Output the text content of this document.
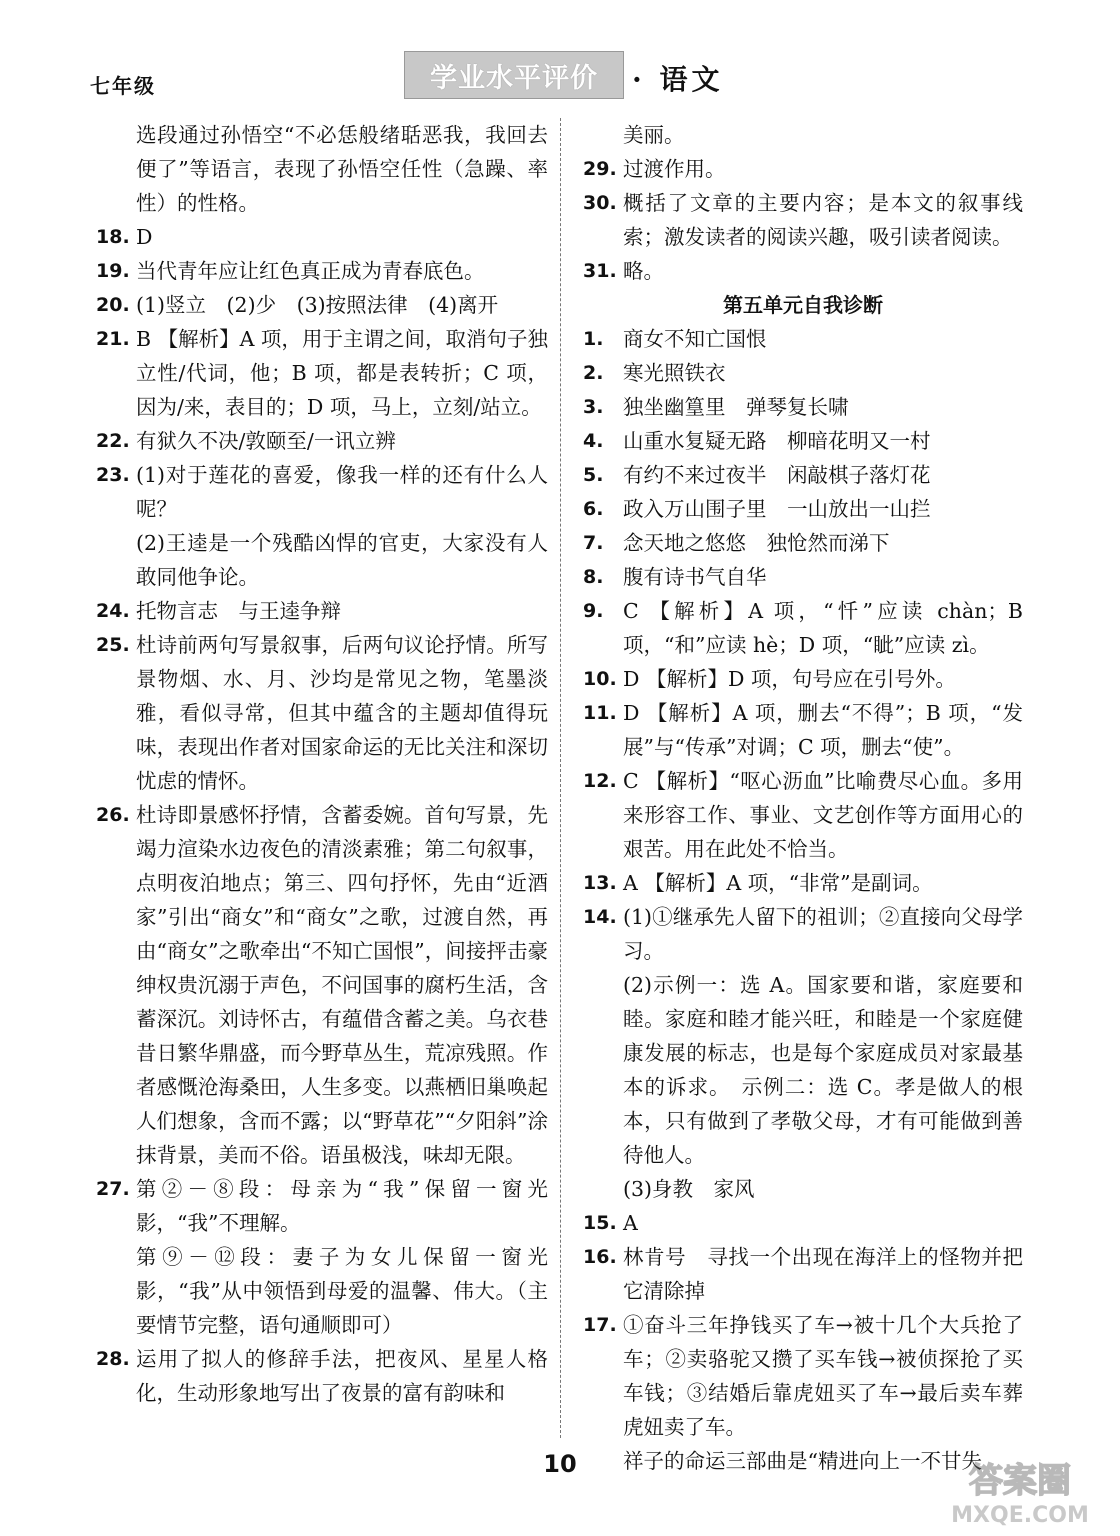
七年级	学业水平评价	· 语文
选段通过孙悟空“不必恁般绪聒恶我，我回去便了”等语言，表现了孙悟空任性（急躁、率性）的性格。
18. D
19. 当代青年应让红色真正成为青春底色。
20. (1)竖立　(2)少　(3)按照法律　(4)离开
21. B 【解析】A 项，用于主谓之间，取消句子独立性/代词，他；B 项，都是表转折；C 项，因为/来，表目的；D 项，马上，立刻/站立。
22. 有狱久不决/敦颐至/一讯立辨
23. (1)对于莲花的喜爱，像我一样的还有什么人呢？
(2)王逵是一个残酷凶悍的官吏，大家没有人敢同他争论。
24. 托物言志　与王逵争辩
25. 杜诗前两句写景叙事，后两句议论抒情。所写景物烟、水、月、沙均是常见之物，笔墨淡雅，看似寻常，但其中蕴含的主题却值得玩味，表现出作者对国家命运的无比关注和深切忧虑的情怀。
26. 杜诗即景感怀抒情，含蓄委婉。首句写景，先竭力渲染水边夜色的清淡素雅；第二句叙事，点明夜泊地点；第三、四句抒怀，先由“近酒家”引出“商女”和“商女”之歌，过渡自然，再由“商女”之歌牵出“不知亡国恨”，间接抨击豪绅权贵沉溺于声色，不问国事的腐朽生活，含蓄深沉。刘诗怀古，有蕴借含蓄之美。乌衣巷昔日繁华鼎盛，而今野草丛生，荒凉残照。作者感慨沧海桑田，人生多变。以燕栖旧巢唤起人们想象，含而不露；以“野草花”“夕阳斜”涂抹背景，美而不俗。语虽极浅，味却无限。
27. 第②－⑧段：母亲为“我”保留一窗光影，“我”不理解。
第⑨－⑫段：妻子为女儿保留一窗光影，“我”从中领悟到母爱的温馨、伟大。（主要情节完整，语句通顺即可）
28. 运用了拟人的修辞手法，把夜风、星星人格化，生动形象地写出了夜景的富有韵味和
美丽。
29. 过渡作用。
30. 概括了文章的主要内容；是本文的叙事线索；激发读者的阅读兴趣，吸引读者阅读。
31. 略。
第五单元自我诊断
1. 商女不知亡国恨
2. 寒光照铁衣
3. 独坐幽篁里　弹琴复长啸
4. 山重水复疑无路　柳暗花明又一村
5. 有约不来过夜半　闲敲棋子落灯花
6. 政入万山围子里　一山放出一山拦
7. 念天地之悠悠　独怆然而涕下
8. 腹有诗书气自华
9. C 【解析】A 项，“忏”应读 chàn；B 项，“和”应读 hè；D 项，“眦”应读 zì。
10. D 【解析】D 项，句号应在引号外。
11. D 【解析】A 项，删去“不得”；B 项，“发展”与“传承”对调；C 项，删去“使”。
12. C 【解析】“呕心沥血”比喻费尽心血。多用来形容工作、事业、文艺创作等方面用心的艰苦。用在此处不恰当。
13. A 【解析】A 项，“非常”是副词。
14. (1)①继承先人留下的祖训；②直接向父母学习。
(2)示例一：选 A。国家要和谐，家庭要和睦。家庭和睦才能兴旺，和睦是一个家庭健康发展的标志，也是每个家庭成员对家最基本的诉求。　示例二：选 C。孝是做人的根本，只有做到了孝敬父母，才有可能做到善待他人。
(3)身教　家风
15. A
16. 林肯号　寻找一个出现在海洋上的怪物并把它清除掉
17. ①奋斗三年挣钱买了车→被十几个大兵抢了车；②卖骆驼又攒了买车钱→被侦探抢了买车钱；③结婚后靠虎妞买了车→最后卖车葬虎妞卖了车。
祥子的命运三部曲是“精进向上一不甘失
10	答案圈
MXQE.COM
